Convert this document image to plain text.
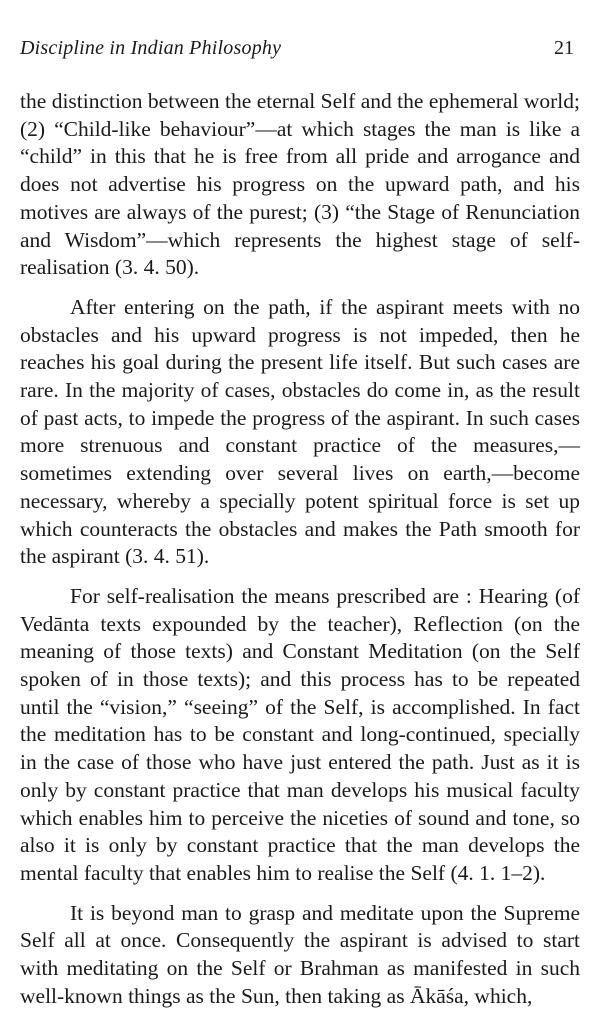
Discipline in Indian Philosophy	21

the distinction between the eternal Self and the ephemeral world; (2) “Child-like behaviour”—at which stages the man is like a “child” in this that he is free from all pride and arrogance and does not advertise his progress on the upward path, and his motives are always of the purest; (3) “the Stage of Renunciation and Wisdom”—which represents the highest stage of self-realisation (3. 4. 50).

After entering on the path, if the aspirant meets with no obstacles and his upward progress is not impeded, then he reaches his goal during the present life itself. But such cases are rare. In the majority of cases, obstacles do come in, as the result of past acts, to impede the progress of the aspirant. In such cases more strenuous and constant practice of the measures,—sometimes extending over several lives on earth,—become necessary, whereby a specially potent spiritual force is set up which counteracts the obstacles and makes the Path smooth for the aspirant (3. 4. 51).

For self-realisation the means prescribed are : Hearing (of Vedānta texts expounded by the teacher), Reflection (on the meaning of those texts) and Constant Meditation (on the Self spoken of in those texts); and this process has to be repeated until the “vision,” “seeing” of the Self, is accomplished. In fact the meditation has to be constant and long-continued, specially in the case of those who have just entered the path. Just as it is only by constant practice that man develops his musical faculty which enables him to perceive the niceties of sound and tone, so also it is only by constant practice that the man develops the mental faculty that enables him to realise the Self (4. 1. 1–2).

It is beyond man to grasp and meditate upon the Supreme Self all at once. Consequently the aspirant is advised to start with meditating on the Self or Brahman as manifested in such well-known things as the Sun, then taking as Ākāśa, which,
